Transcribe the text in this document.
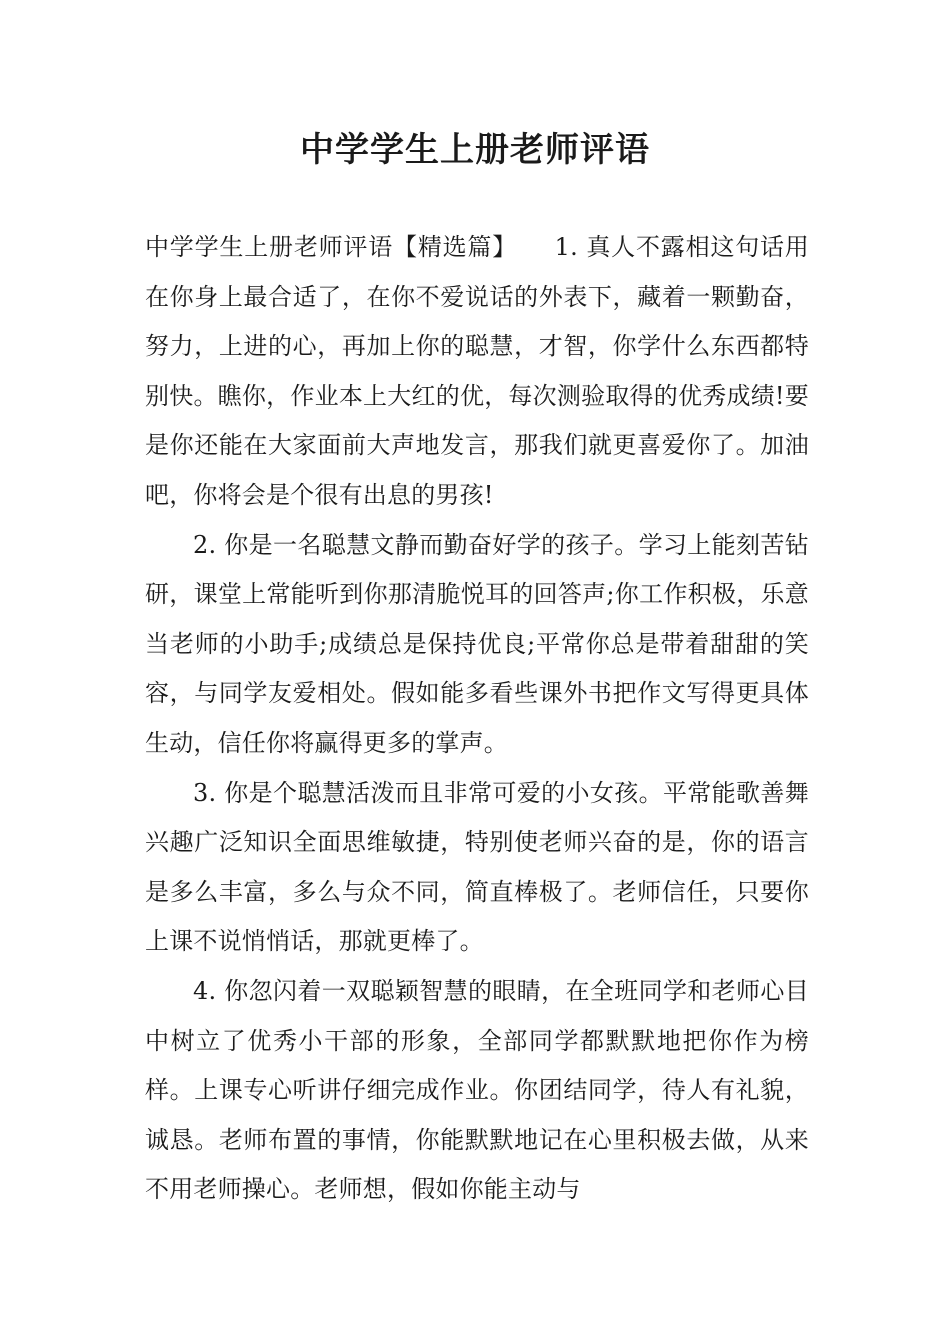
中学学生上册老师评语

中学学生上册老师评语【精选篇】　　1. 真人不露相这句话用在你身上最合适了，在你不爱说话的外表下，藏着一颗勤奋，努力，上进的心，再加上你的聪慧，才智，你学什么东西都特别快。瞧你，作业本上大红的优，每次测验取得的优秀成绩!要是你还能在大家面前大声地发言，那我们就更喜爱你了。加油吧，你将会是个很有出息的男孩!

2. 你是一名聪慧文静而勤奋好学的孩子。学习上能刻苦钻研，课堂上常能听到你那清脆悦耳的回答声;你工作积极，乐意当老师的小助手;成绩总是保持优良;平常你总是带着甜甜的笑容，与同学友爱相处。假如能多看些课外书把作文写得更具体生动，信任你将赢得更多的掌声。

3. 你是个聪慧活泼而且非常可爱的小女孩。平常能歌善舞兴趣广泛知识全面思维敏捷，特别使老师兴奋的是，你的语言是多么丰富，多么与众不同，简直棒极了。老师信任，只要你上课不说悄悄话，那就更棒了。

4. 你忽闪着一双聪颖智慧的眼睛，在全班同学和老师心目中树立了优秀小干部的形象，全部同学都默默地把你作为榜样。上课专心听讲仔细完成作业。你团结同学，待人有礼貌，诚恳。老师布置的事情，你能默默地记在心里积极去做，从来不用老师操心。老师想，假如你能主动与
